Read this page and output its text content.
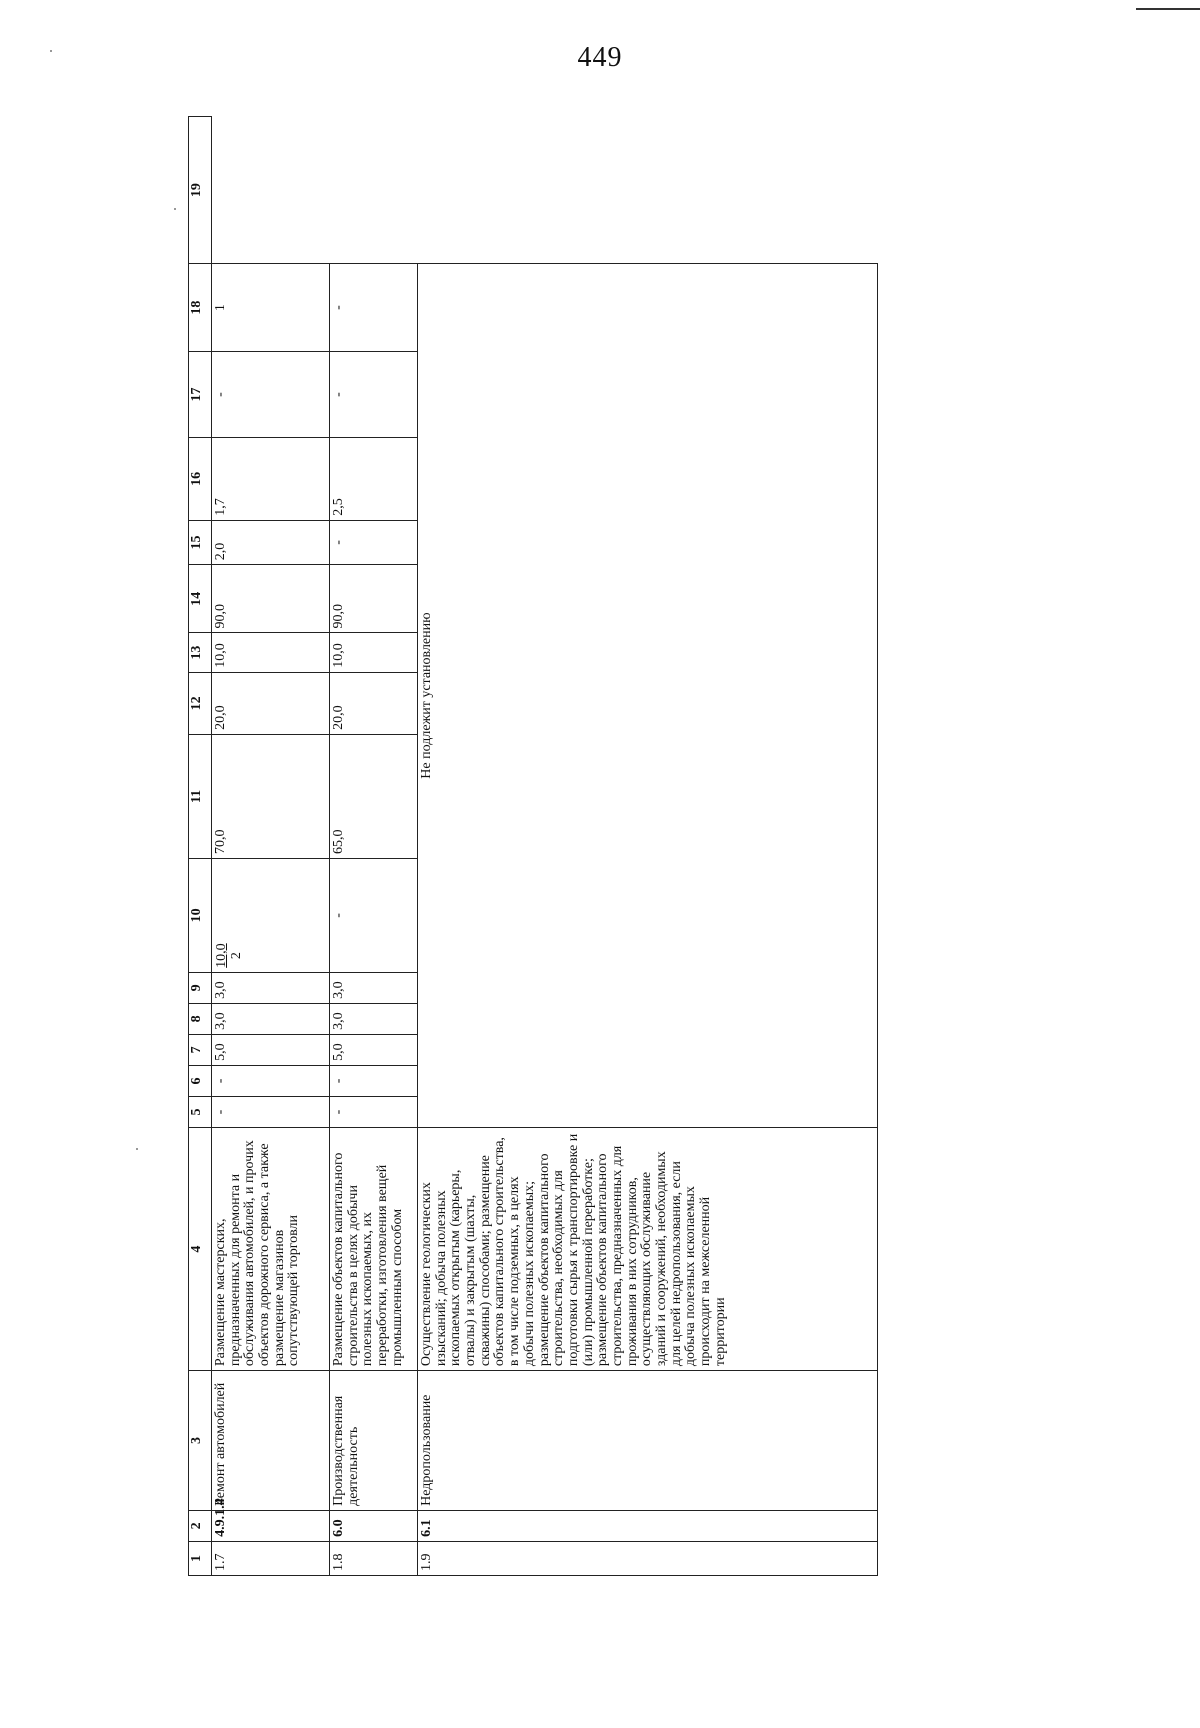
449
1	2	3	4	5	6	7	8	9	10	11	12	13	14	15	16	17	18	19
1.7	4.9.1.4	Ремонт автомобилей	Размещение мастерских, предназначенных для ремонта и обслуживания автомобилей, и прочих объектов дорожного сервиса, а также размещение магазинов сопутствующей торговли	-	-	5,0	3,0	3,0	10,0 2	70,0	20,0	10,0	90,0	2,0	1,7	-	1	
1.8	6.0	Производственная деятельность	Размещение объектов капитального строительства в целях добычи полезных ископаемых, их переработки, изготовления вещей промышленным способом	-	-	5,0	3,0	3,0	-	65,0	20,0	10,0	90,0	-	2,5	-	-	
1.9	6.1	Недропользование	Осуществление геологических изысканий; добыча полезных ископаемых открытым (карьеры, отвалы) и закрытым (шахты, скважины) способами; размещение объектов капитального строительства, в том числе подземных, в целях добычи полезных ископаемых; размещение объектов капитального строительства, необходимых для подготовки сырья к транспортировке и (или) промышленной переработке; размещение объектов капитального строительства, предназначенных для проживания в них сотрудников, осуществляющих обслуживание зданий и сооружений, необходимых для целей недропользования, если добыча полезных ископаемых происходит на межселенной территории	Не подлежит установлению														
